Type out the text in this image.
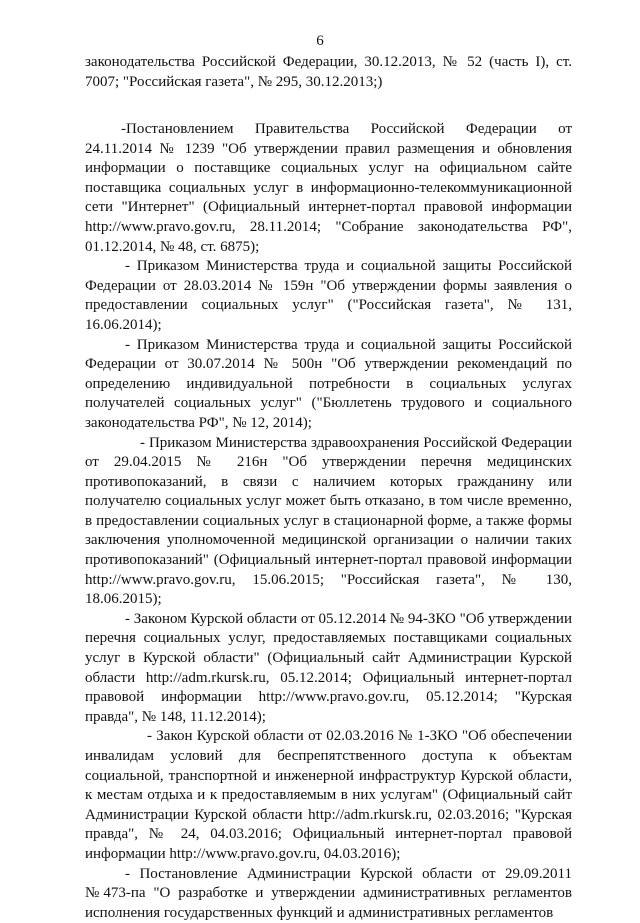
6

законодательства Российской Федерации, 30.12.2013, № 52 (часть I), ст. 7007; "Российская газета", № 295, 30.12.2013;)

-Постановлением Правительства Российской Федерации от 24.11.2014 № 1239 "Об утверждении правил размещения и обновления информации о поставщике социальных услуг на официальном сайте поставщика социальных услуг в информационно-телекоммуникационной сети "Интернет" (Официальный интернет-портал правовой информации http://www.pravo.gov.ru, 28.11.2014; "Собрание законодательства РФ", 01.12.2014, № 48, ст. 6875);

- Приказом Министерства труда и социальной защиты Российской Федерации от 28.03.2014 № 159н "Об утверждении формы заявления о предоставлении социальных услуг" ("Российская газета", № 131, 16.06.2014);

- Приказом Министерства труда и социальной защиты Российской Федерации от 30.07.2014 № 500н "Об утверждении рекомендаций по определению индивидуальной потребности в социальных услугах получателей социальных услуг" ("Бюллетень трудового и социального законодательства РФ", № 12, 2014);

- Приказом Министерства здравоохранения Российской Федерации от 29.04.2015 № 216н "Об утверждении перечня медицинских противопоказаний, в связи с наличием которых гражданину или получателю социальных услуг может быть отказано, в том числе временно, в предоставлении социальных услуг в стационарной форме, а также формы заключения уполномоченной медицинской организации о наличии таких противопоказаний" (Официальный интернет-портал правовой информации http://www.pravo.gov.ru, 15.06.2015; "Российская газета", № 130, 18.06.2015);

- Законом Курской области от 05.12.2014 № 94-ЗКО "Об утверждении перечня социальных услуг, предоставляемых поставщиками социальных услуг в Курской области" (Официальный сайт Администрации Курской области http://adm.rkursk.ru, 05.12.2014; Официальный интернет-портал правовой информации http://www.pravo.gov.ru, 05.12.2014; "Курская правда", № 148, 11.12.2014);

- Закон Курской области от 02.03.2016 № 1-ЗКО "Об обеспечении инвалидам условий для беспрепятственного доступа к объектам социальной, транспортной и инженерной инфраструктур Курской области, к местам отдыха и к предоставляемым в них услугам" (Официальный сайт Администрации Курской области http://adm.rkursk.ru, 02.03.2016; "Курская правда", № 24, 04.03.2016; Официальный интернет-портал правовой информации http://www.pravo.gov.ru, 04.03.2016);

- Постановление Администрации Курской области от 29.09.2011 №473-па "О разработке и утверждении административных регламентов исполнения государственных функций и административных регламентов
